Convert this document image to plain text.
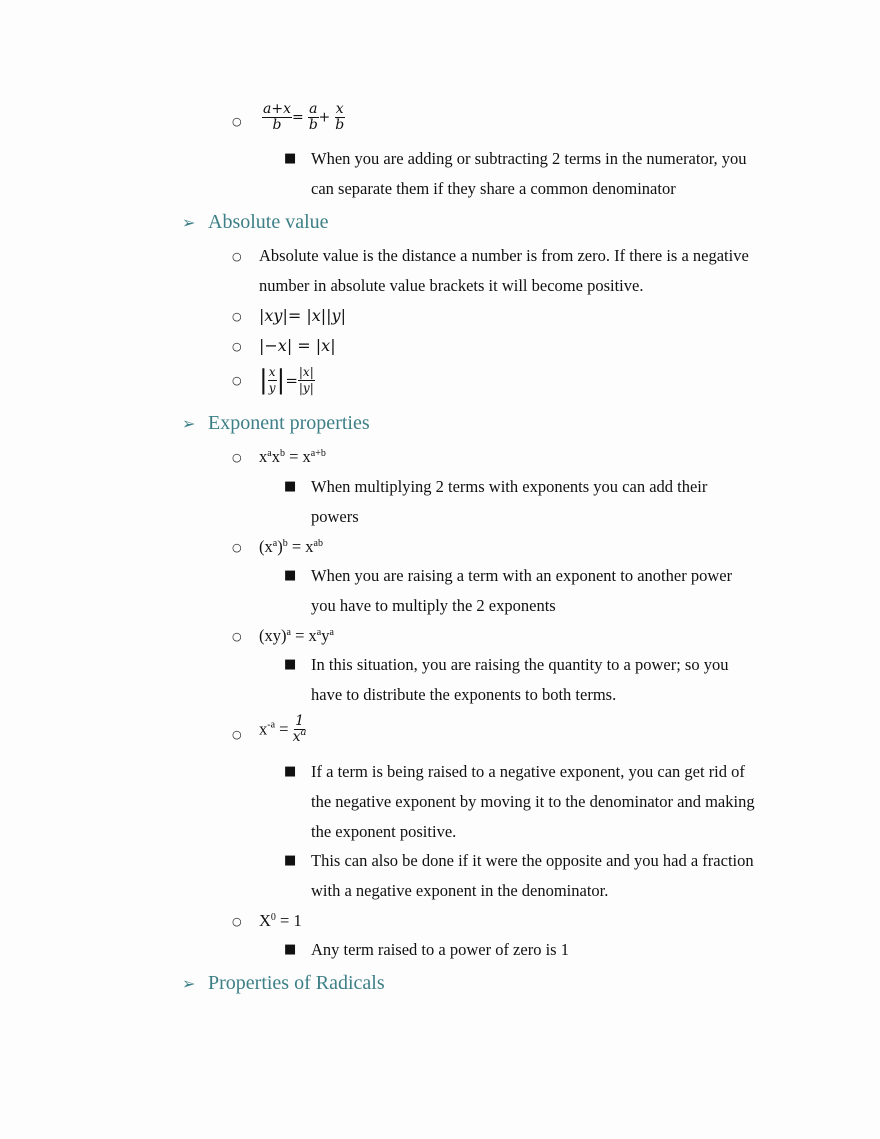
○ $\frac{a+x}{b} = \frac{a}{b} + \frac{x}{b}$
■ When you are adding or subtracting 2 terms in the numerator, you
can separate them if they share a common denominator
➢ Absolute value
○ Absolute value is the distance a number is from zero. If there is a negative
number in absolute value brackets it will become positive.
○ |xy|= |x||y|
○ |−x| = |x|
○ | $\frac{x}{y}$ |= $\frac{|x|}{|y|}$
➢ Exponent properties
○ $x^ax^b = x^{a+b}$
■ When multiplying 2 terms with exponents you can add their
powers
○ $(x^a)^b = x^{ab}$
■ When you are raising a term with an exponent to another power
you have to multiply the 2 exponents
○ $(xy)^a = x^ay^a$
■ In this situation, you are raising the quantity to a power; so you
have to distribute the exponents to both terms.
○ $x^{-a} = \frac{1}{x^a}$
■ If a term is being raised to a negative exponent, you can get rid of
the negative exponent by moving it to the denominator and making
the exponent positive.
■ This can also be done if it were the opposite and you had a fraction
with a negative exponent in the denominator.
○ $X^0 = 1$
■ Any term raised to a power of zero is 1
➢ Properties of Radicals
